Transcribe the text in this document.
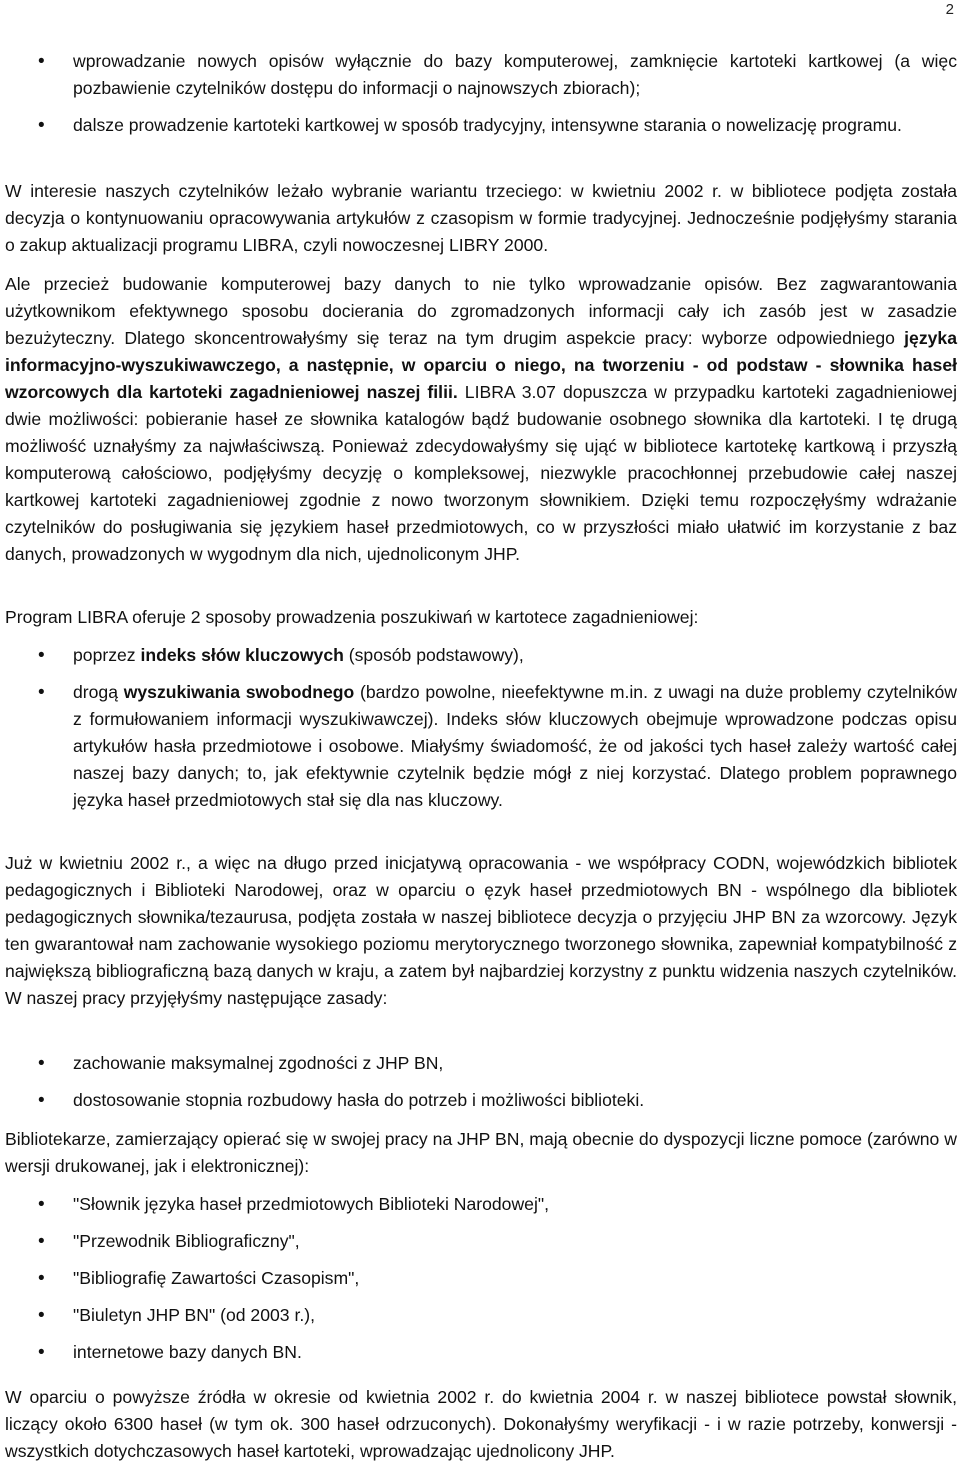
2
• wprowadzanie nowych opisów wyłącznie do bazy komputerowej, zamknięcie kartoteki kartkowej (a więc pozbawienie czytelników dostępu do informacji o najnowszych zbiorach);
• dalsze prowadzenie kartoteki kartkowej w sposób tradycyjny, intensywne starania o nowelizację programu.

W interesie naszych czytelników leżało wybranie wariantu trzeciego: w kwietniu 2002 r. w bibliotece podjęta została decyzja o kontynuowaniu opracowywania artykułów z czasopism w formie tradycyjnej. Jednocześnie podjęłyśmy starania o zakup aktualizacji programu LIBRA, czyli nowoczesnej LIBRY 2000.

Ale przecież budowanie komputerowej bazy danych to nie tylko wprowadzanie opisów. Bez zagwarantowania użytkownikom efektywnego sposobu docierania do zgromadzonych informacji cały ich zasób jest w zasadzie bezużyteczny. Dlatego skoncentrowałyśmy się teraz na tym drugim aspekcie pracy: wyborze odpowiedniego języka informacyjno-wyszukiwawczego, a następnie, w oparciu o niego, na tworzeniu - od podstaw - słownika haseł wzorcowych dla kartoteki zagadnieniowej naszej filii. LIBRA 3.07 dopuszcza w przypadku kartoteki zagadnieniowej dwie możliwości: pobieranie haseł ze słownika katalogów bądź budowanie osobnego słownika dla kartoteki. I tę drugą możliwość uznałyśmy za najwłaściwszą. Ponieważ zdecydowałyśmy się ująć w bibliotece kartotekę kartkową i przyszłą komputerową całościowo, podjęłyśmy decyzję o kompleksowej, niezwykle pracochłonnej przebudowie całej naszej kartkowej kartoteki zagadnieniowej zgodnie z nowo tworzonym słownikiem. Dzięki temu rozpoczęłyśmy wdrażanie czytelników do posługiwania się językiem haseł przedmiotowych, co w przyszłości miało ułatwić im korzystanie z baz danych, prowadzonych w wygodnym dla nich, ujednoliconym JHP.

Program LIBRA oferuje 2 sposoby prowadzenia poszukiwań w kartotece zagadnieniowej:

• poprzez indeks słów kluczowych (sposób podstawowy),
• drogą wyszukiwania swobodnego (bardzo powolne, nieefektywne m.in. z uwagi na duże problemy czytelników z formułowaniem informacji wyszukiwawczej). Indeks słów kluczowych obejmuje wprowadzone podczas opisu artykułów hasła przedmiotowe i osobowe. Miałyśmy świadomość, że od jakości tych haseł zależy wartość całej naszej bazy danych; to, jak efektywnie czytelnik będzie mógł z niej korzystać. Dlatego problem poprawnego języka haseł przedmiotowych stał się dla nas kluczowy.

Już w kwietniu 2002 r., a więc na długo przed inicjatywą opracowania - we współpracy CODN, wojewódzkich bibliotek pedagogicznych i Biblioteki Narodowej, oraz w oparciu o ęzyk haseł przedmiotowych BN - wspólnego dla bibliotek pedagogicznych słownika/tezaurusa, podjęta została w naszej bibliotece decyzja o przyjęciu JHP BN za wzorcowy. Język ten gwarantował nam zachowanie wysokiego poziomu merytorycznego tworzonego słownika, zapewniał kompatybilność z największą bibliograficzną bazą danych w kraju, a zatem był najbardziej korzystny z punktu widzenia naszych czytelników. W naszej pracy przyjęłyśmy następujące zasady:

• zachowanie maksymalnej zgodności z JHP BN,
• dostosowanie stopnia rozbudowy hasła do potrzeb i możliwości biblioteki.

Bibliotekarze, zamierzający opierać się w swojej pracy na JHP BN, mają obecnie do dyspozycji liczne pomoce (zarówno w wersji drukowanej, jak i elektronicznej):

• "Słownik języka haseł przedmiotowych Biblioteki Narodowej",
• "Przewodnik Bibliograficzny",
• "Bibliografię Zawartości Czasopism",
• "Biuletyn JHP BN" (od 2003 r.),
• internetowe bazy danych BN.

W oparciu o powyższe źródła w okresie od kwietnia 2002 r. do kwietnia 2004 r. w naszej bibliotece powstał słownik, liczący około 6300 haseł (w tym ok. 300 haseł odrzuconych). Dokonałyśmy weryfikacji - i w razie potrzeby, konwersji - wszystkich dotychczasowych haseł kartoteki, wprowadzając ujednolicony JHP.
